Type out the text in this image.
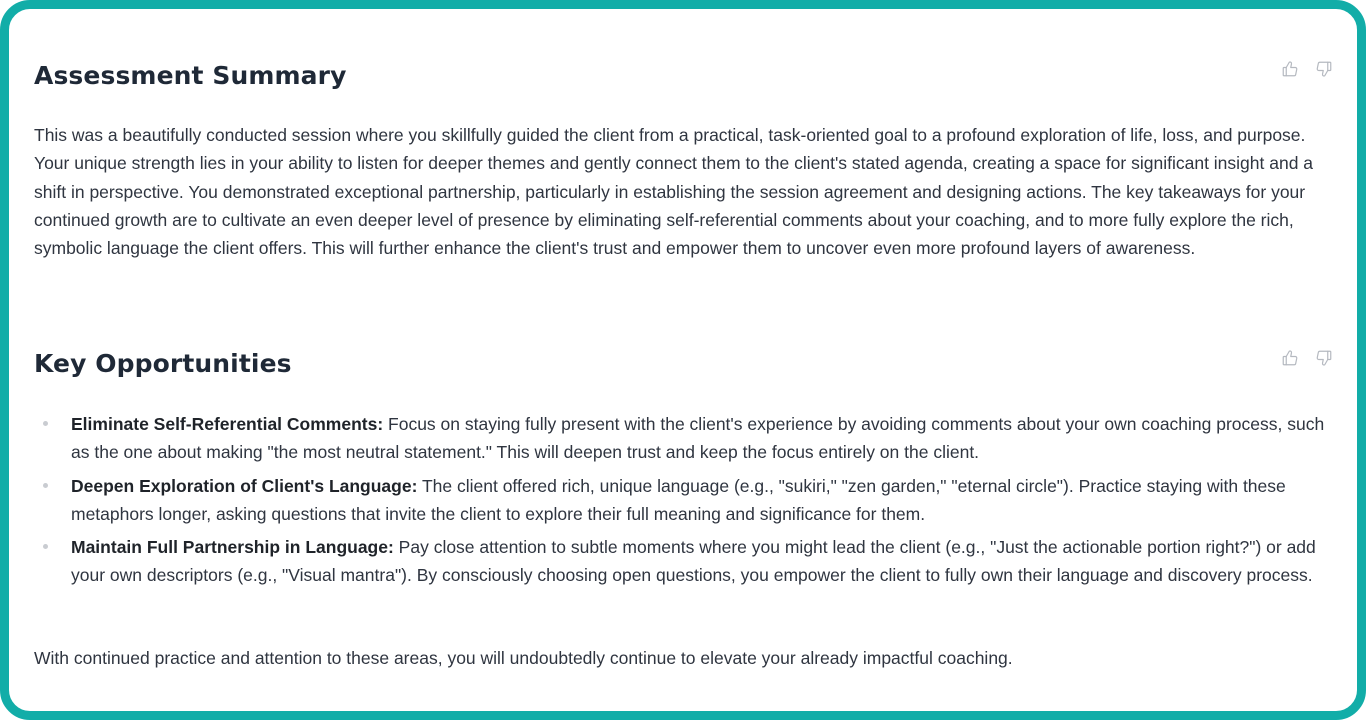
Assessment Summary

This was a beautifully conducted session where you skillfully guided the client from a practical, task-oriented goal to a profound exploration of life, loss, and purpose. Your unique strength lies in your ability to listen for deeper themes and gently connect them to the client's stated agenda, creating a space for significant insight and a shift in perspective. You demonstrated exceptional partnership, particularly in establishing the session agreement and designing actions. The key takeaways for your continued growth are to cultivate an even deeper level of presence by eliminating self-referential comments about your coaching, and to more fully explore the rich, symbolic language the client offers. This will further enhance the client's trust and empower them to uncover even more profound layers of awareness.

Key Opportunities
Eliminate Self-Referential Comments: Focus on staying fully present with the client's experience by avoiding comments about your own coaching process, such as the one about making "the most neutral statement." This will deepen trust and keep the focus entirely on the client.
Deepen Exploration of Client's Language: The client offered rich, unique language (e.g., "sukiri," "zen garden," "eternal circle"). Practice staying with these metaphors longer, asking questions that invite the client to explore their full meaning and significance for them.
Maintain Full Partnership in Language: Pay close attention to subtle moments where you might lead the client (e.g., "Just the actionable portion right?") or add your own descriptors (e.g., "Visual mantra"). By consciously choosing open questions, you empower the client to fully own their language and discovery process.

With continued practice and attention to these areas, you will undoubtedly continue to elevate your already impactful coaching.
